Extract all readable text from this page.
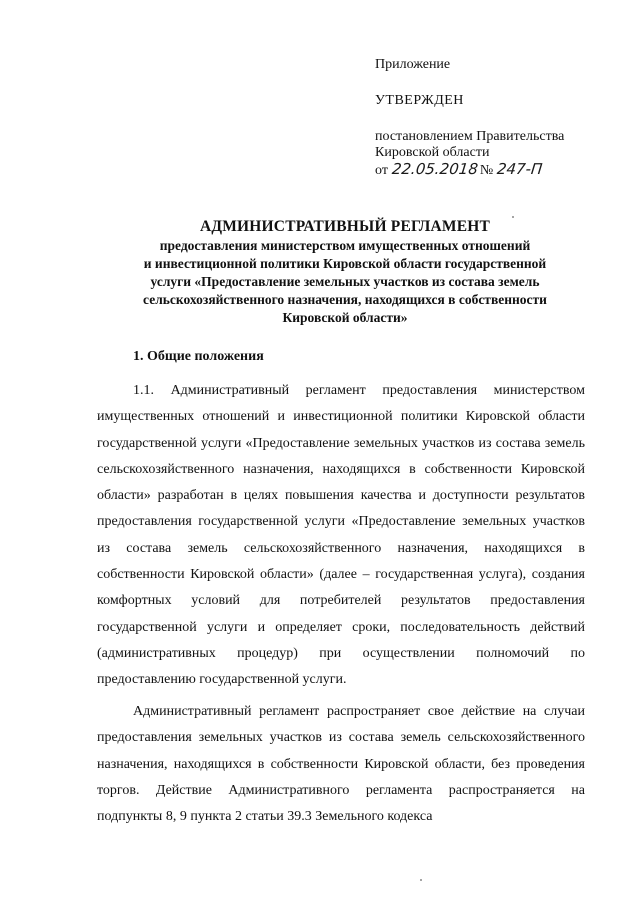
Приложение
УТВЕРЖДЕН
постановлением Правительства
Кировской области
от 22.05.2018 № 247-П
АДМИНИСТРАТИВНЫЙ РЕГЛАМЕНТ
предоставления министерством имущественных отношений
и инвестиционной политики Кировской области государственной
услуги «Предоставление земельных участков из состава земель
сельскохозяйственного назначения, находящихся в собственности
Кировской области»
1. Общие положения
1.1. Административный регламент предоставления министерством имущественных отношений и инвестиционной политики Кировской области государственной услуги «Предоставление земельных участков из состава земель сельскохозяйственного назначения, находящихся в собственности Кировской области» разработан в целях повышения качества и доступности результатов предоставления государственной услуги «Предоставление земельных участков из состава земель сельскохозяйственного назначения, находящихся в собственности Кировской области» (далее – государственная услуга), создания комфортных условий для потребителей результатов предоставления государственной услуги и определяет сроки, последовательность действий (административных процедур) при осуществлении полномочий по предоставлению государственной услуги.
Административный регламент распространяет свое действие на случаи предоставления земельных участков из состава земель сельскохозяйственного назначения, находящихся в собственности Кировской области, без проведения торгов. Действие Административного регламента распространяется на подпункты 8, 9 пункта 2 статьи 39.3 Земельного кодекса
